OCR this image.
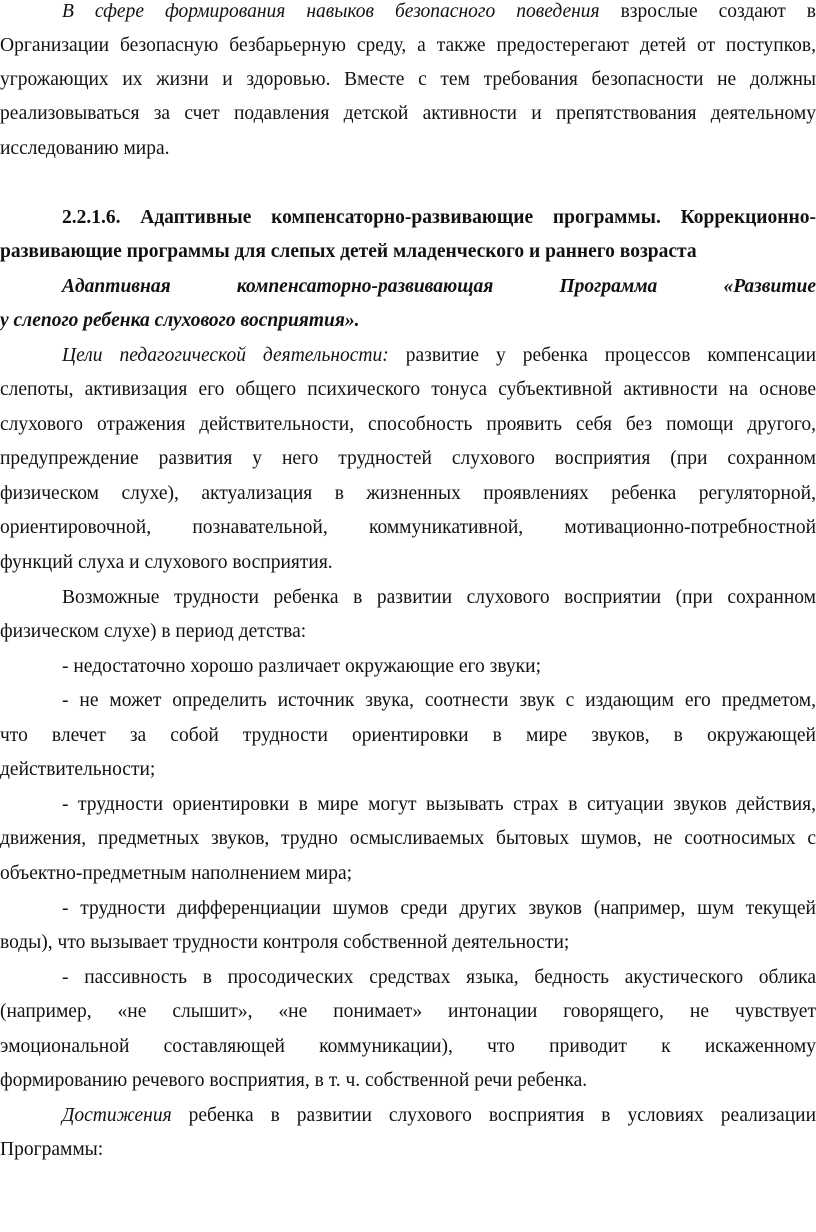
В сфере формирования навыков безопасного поведения взрослые создают в
Организации безопасную безбарьерную среду, а также предостерегают детей от поступков,
угрожающих их жизни и здоровью. Вместе с тем требования безопасности не должны
реализовываться за счет подавления детской активности и препятствования деятельному
исследованию мира.
2.2.1.6. Адаптивные компенсаторно-развивающие программы. Коррекционно-
развивающие программы для слепых детей младенческого и раннего возраста
Адаптивная компенсаторно-развивающая Программа «Развитие
у слепого ребенка слухового восприятия».
Цели педагогической деятельности: развитие у ребенка процессов компенсации
слепоты, активизация его общего психического тонуса субъективной активности на основе
слухового отражения действительности, способность проявить себя без помощи другого,
предупреждение развития у него трудностей слухового восприятия (при сохранном
физическом слухе), актуализация в жизненных проявлениях ребенка регуляторной,
ориентировочной, познавательной, коммуникативной, мотивационно-потребностной
функций слуха и слухового восприятия.
Возможные трудности ребенка в развитии слухового восприятии (при сохранном
физическом слухе) в период детства:
- недостаточно хорошо различает окружающие его звуки;
- не может определить источник звука, соотнести звук с издающим его предметом,
что влечет за собой трудности ориентировки в мире звуков, в окружающей
действительности;
- трудности ориентировки в мире могут вызывать страх в ситуации звуков действия,
движения, предметных звуков, трудно осмысливаемых бытовых шумов, не соотносимых с
объектно-предметным наполнением мира;
- трудности дифференциации шумов среди других звуков (например, шум текущей
воды), что вызывает трудности контроля собственной деятельности;
- пассивность в просодических средствах языка, бедность акустического облика
(например, «не слышит», «не понимает» интонации говорящего, не чувствует
эмоциональной составляющей коммуникации), что приводит к искаженному
формированию речевого восприятия, в т. ч. собственной речи ребенка.
Достижения ребенка в развитии слухового восприятия в условиях реализации
Программы:
